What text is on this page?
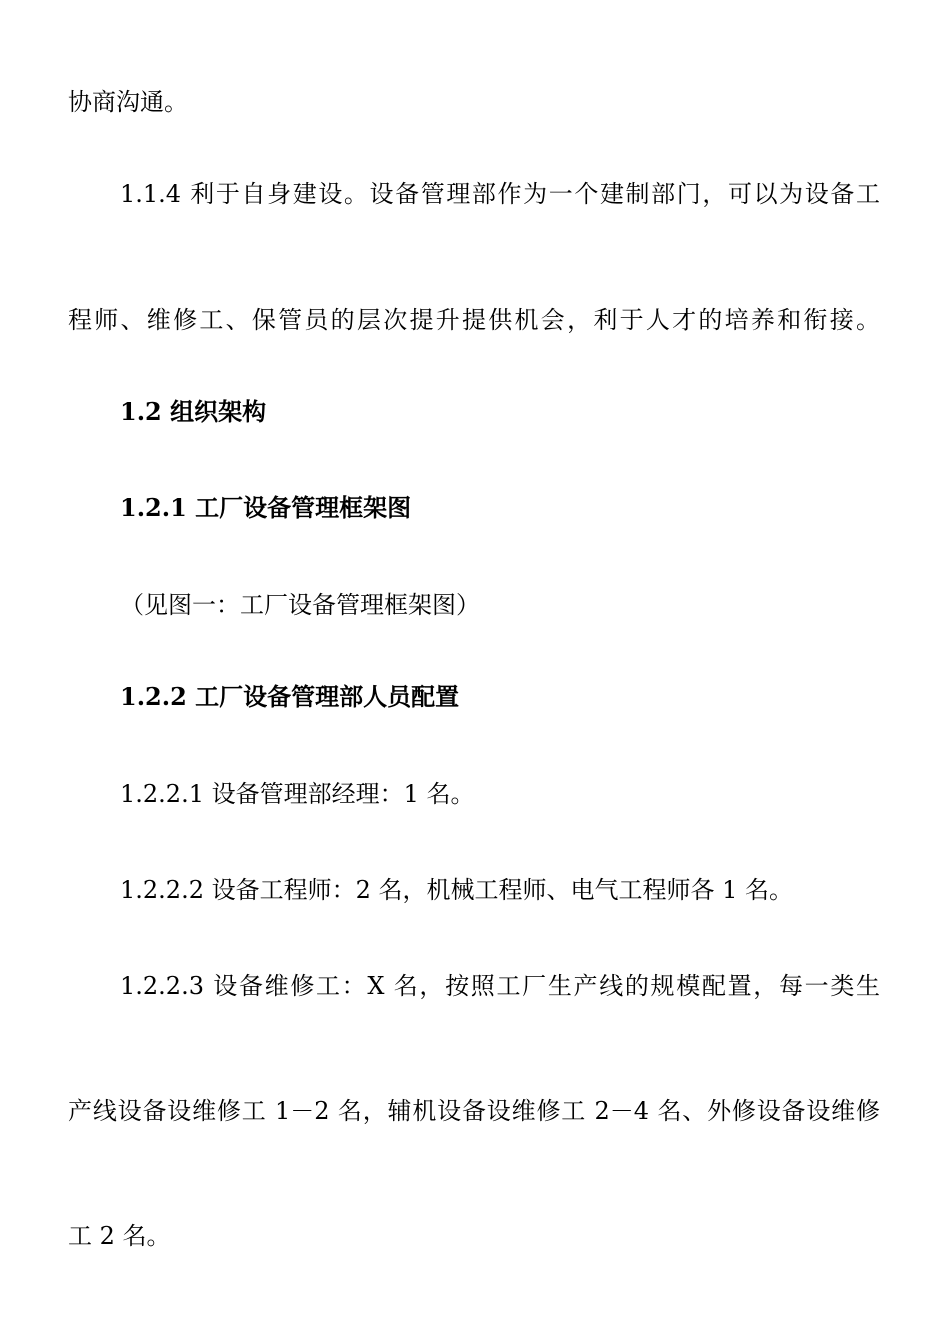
协商沟通。

1.1.4 利于自身建设。设备管理部作为一个建制部门，可以为设备工

程师、维修工、保管员的层次提升提供机会，利于人才的培养和衔接。

1.2 组织架构
1.2.1 工厂设备管理框架图

（见图一：工厂设备管理框架图）

1.2.2 工厂设备管理部人员配置

1.2.2.1 设备管理部经理：1 名。

1.2.2.2 设备工程师：2 名，机械工程师、电气工程师各 1 名。

1.2.2.3 设备维修工：X 名，按照工厂生产线的规模配置，每一类生

产线设备设维修工 1－2 名，辅机设备设维修工 2－4 名、外修设备设维修

工 2 名。
